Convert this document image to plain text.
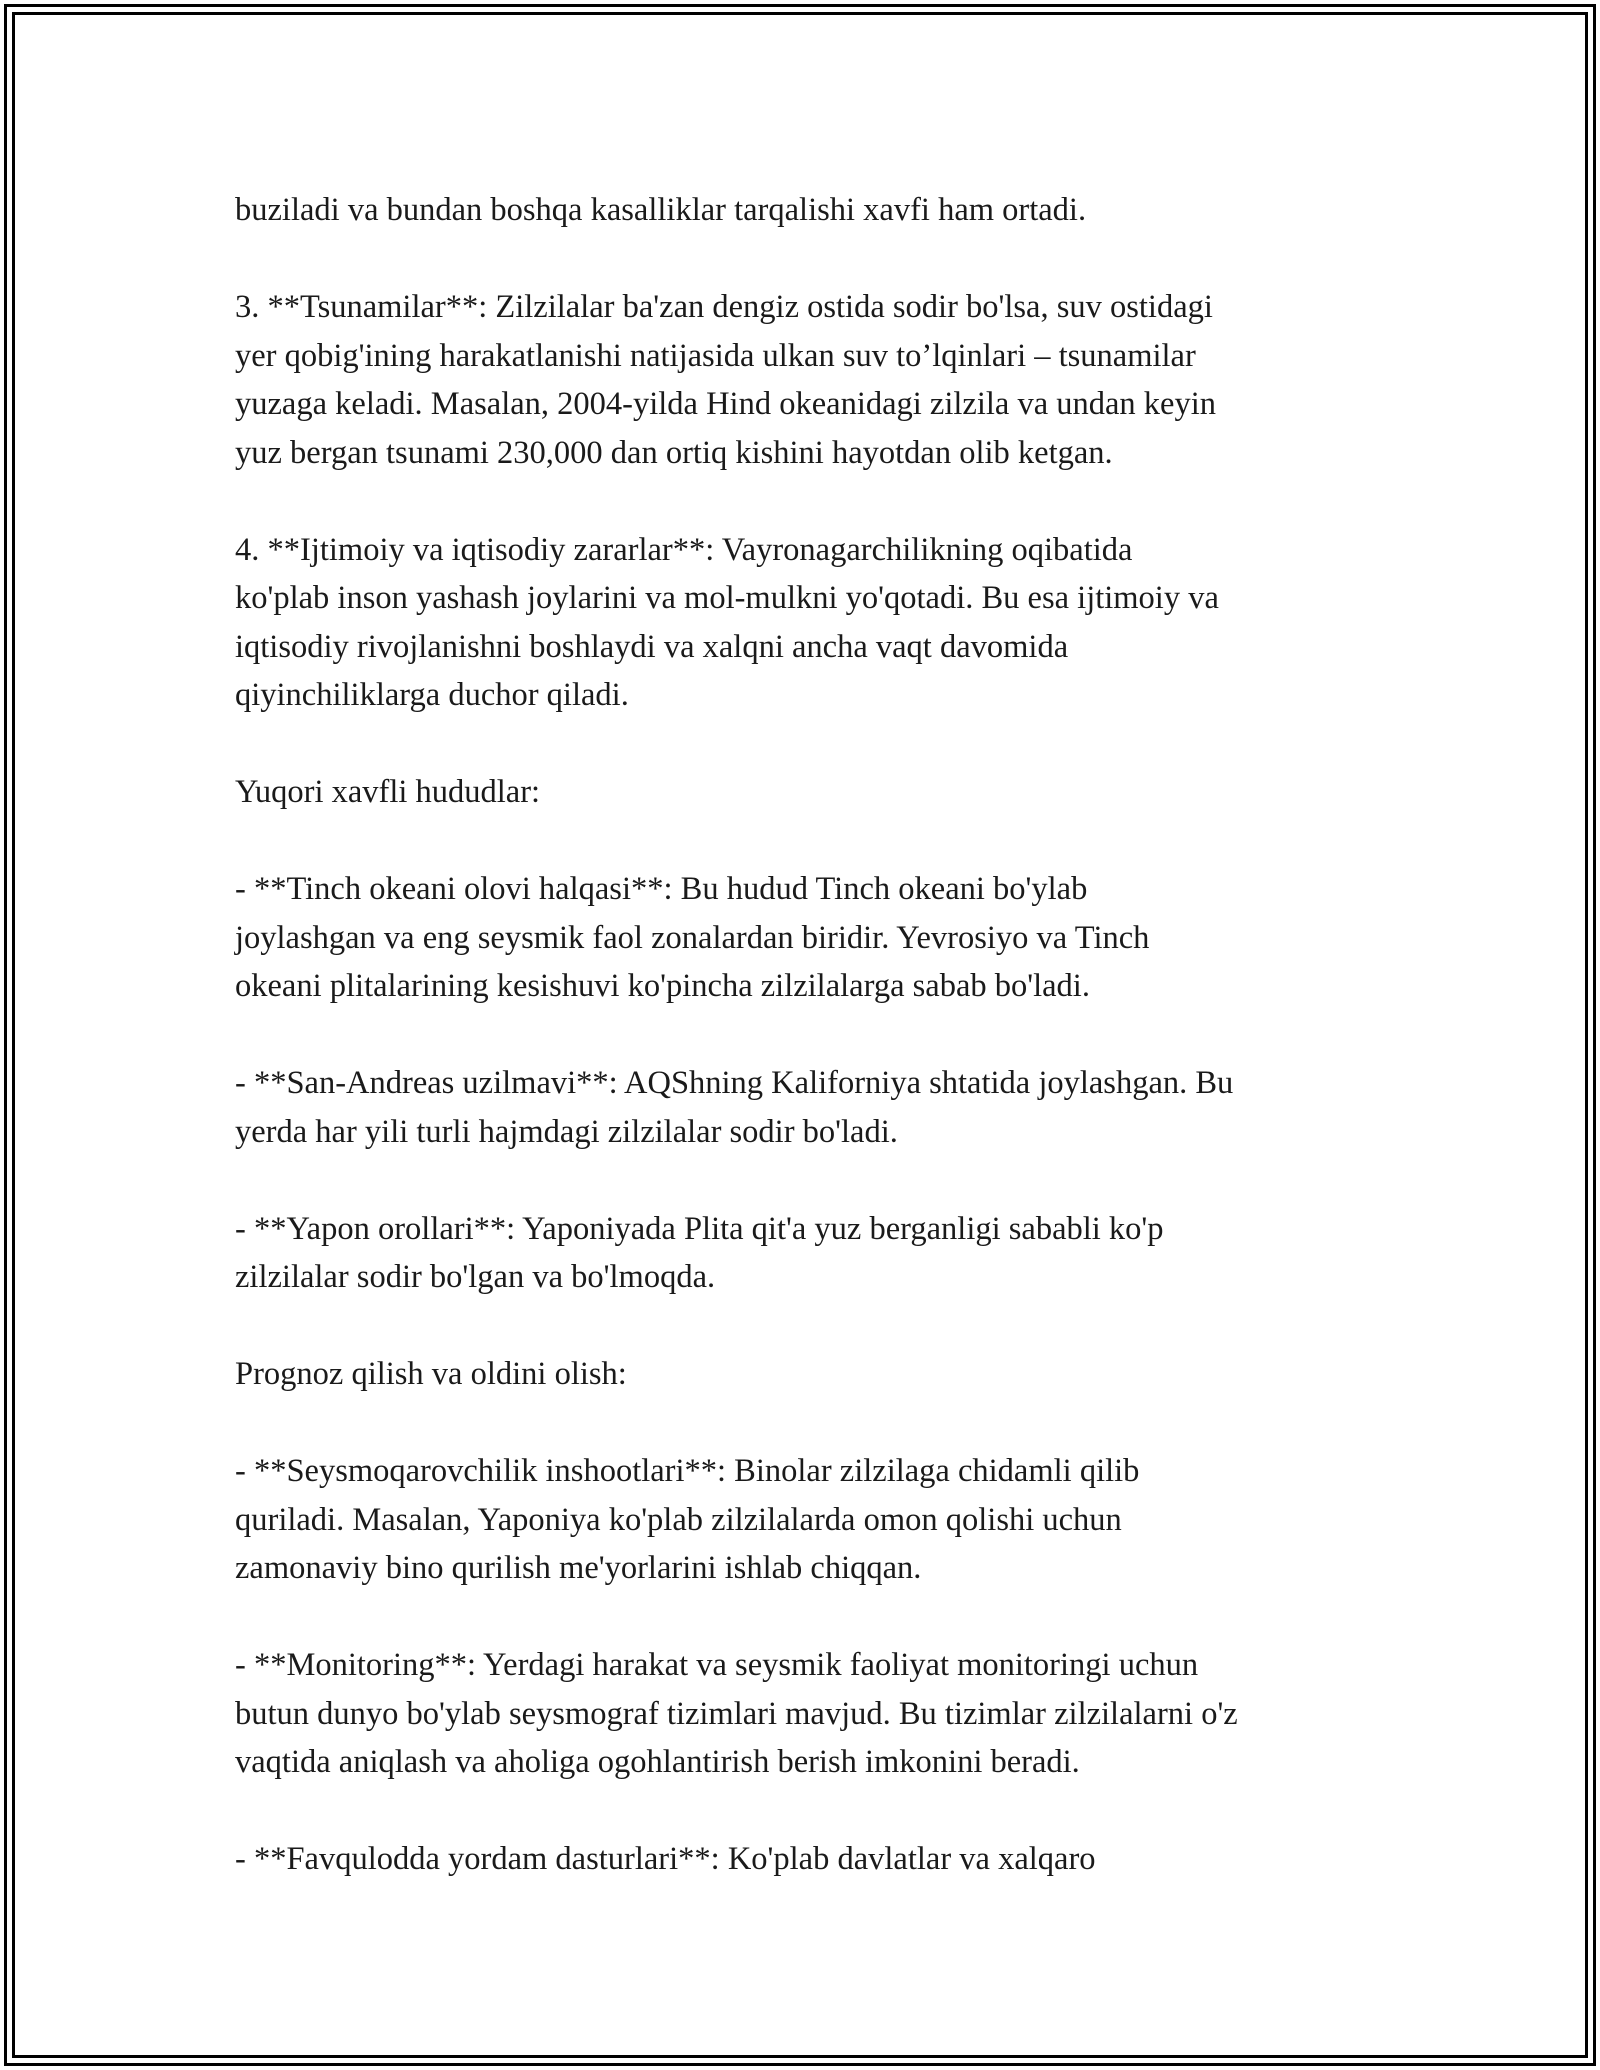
buziladi va bundan boshqa kasalliklar tarqalishi xavfi ham ortadi.

3. **Tsunamilar**: Zilzilalar ba'zan dengiz ostida sodir bo'lsa, suv ostidagi
yer qobig'ining harakatlanishi natijasida ulkan suv to’lqinlari – tsunamilar
yuzaga keladi. Masalan, 2004-yilda Hind okeanidagi zilzila va undan keyin
yuz bergan tsunami 230,000 dan ortiq kishini hayotdan olib ketgan.

4. **Ijtimoiy va iqtisodiy zararlar**: Vayronagarchilikning oqibatida
ko'plab inson yashash joylarini va mol-mulkni yo'qotadi. Bu esa ijtimoiy va
iqtisodiy rivojlanishni boshlaydi va xalqni ancha vaqt davomida
qiyinchiliklarga duchor qiladi.

Yuqori xavfli hududlar:

- **Tinch okeani olovi halqasi**: Bu hudud Tinch okeani bo'ylab
joylashgan va eng seysmik faol zonalardan biridir. Yevrosiyo va Tinch
okeani plitalarining kesishuvi ko'pincha zilzilalarga sabab bo'ladi.

- **San-Andreas uzilmavi**: AQShning Kaliforniya shtatida joylashgan. Bu
yerda har yili turli hajmdagi zilzilalar sodir bo'ladi.

- **Yapon orollari**: Yaponiyada Plita qit'a yuz berganligi sababli ko'p
zilzilalar sodir bo'lgan va bo'lmoqda.

Prognoz qilish va oldini olish:

- **Seysmoqarovchilik inshootlari**: Binolar zilzilaga chidamli qilib
quriladi. Masalan, Yaponiya ko'plab zilzilalarda omon qolishi uchun
zamonaviy bino qurilish me'yorlarini ishlab chiqqan.

- **Monitoring**: Yerdagi harakat va seysmik faoliyat monitoringi uchun
butun dunyo bo'ylab seysmograf tizimlari mavjud. Bu tizimlar zilzilalarni o'z
vaqtida aniqlash va aholiga ogohlantirish berish imkonini beradi.

- **Favqulodda yordam dasturlari**: Ko'plab davlatlar va xalqaro
